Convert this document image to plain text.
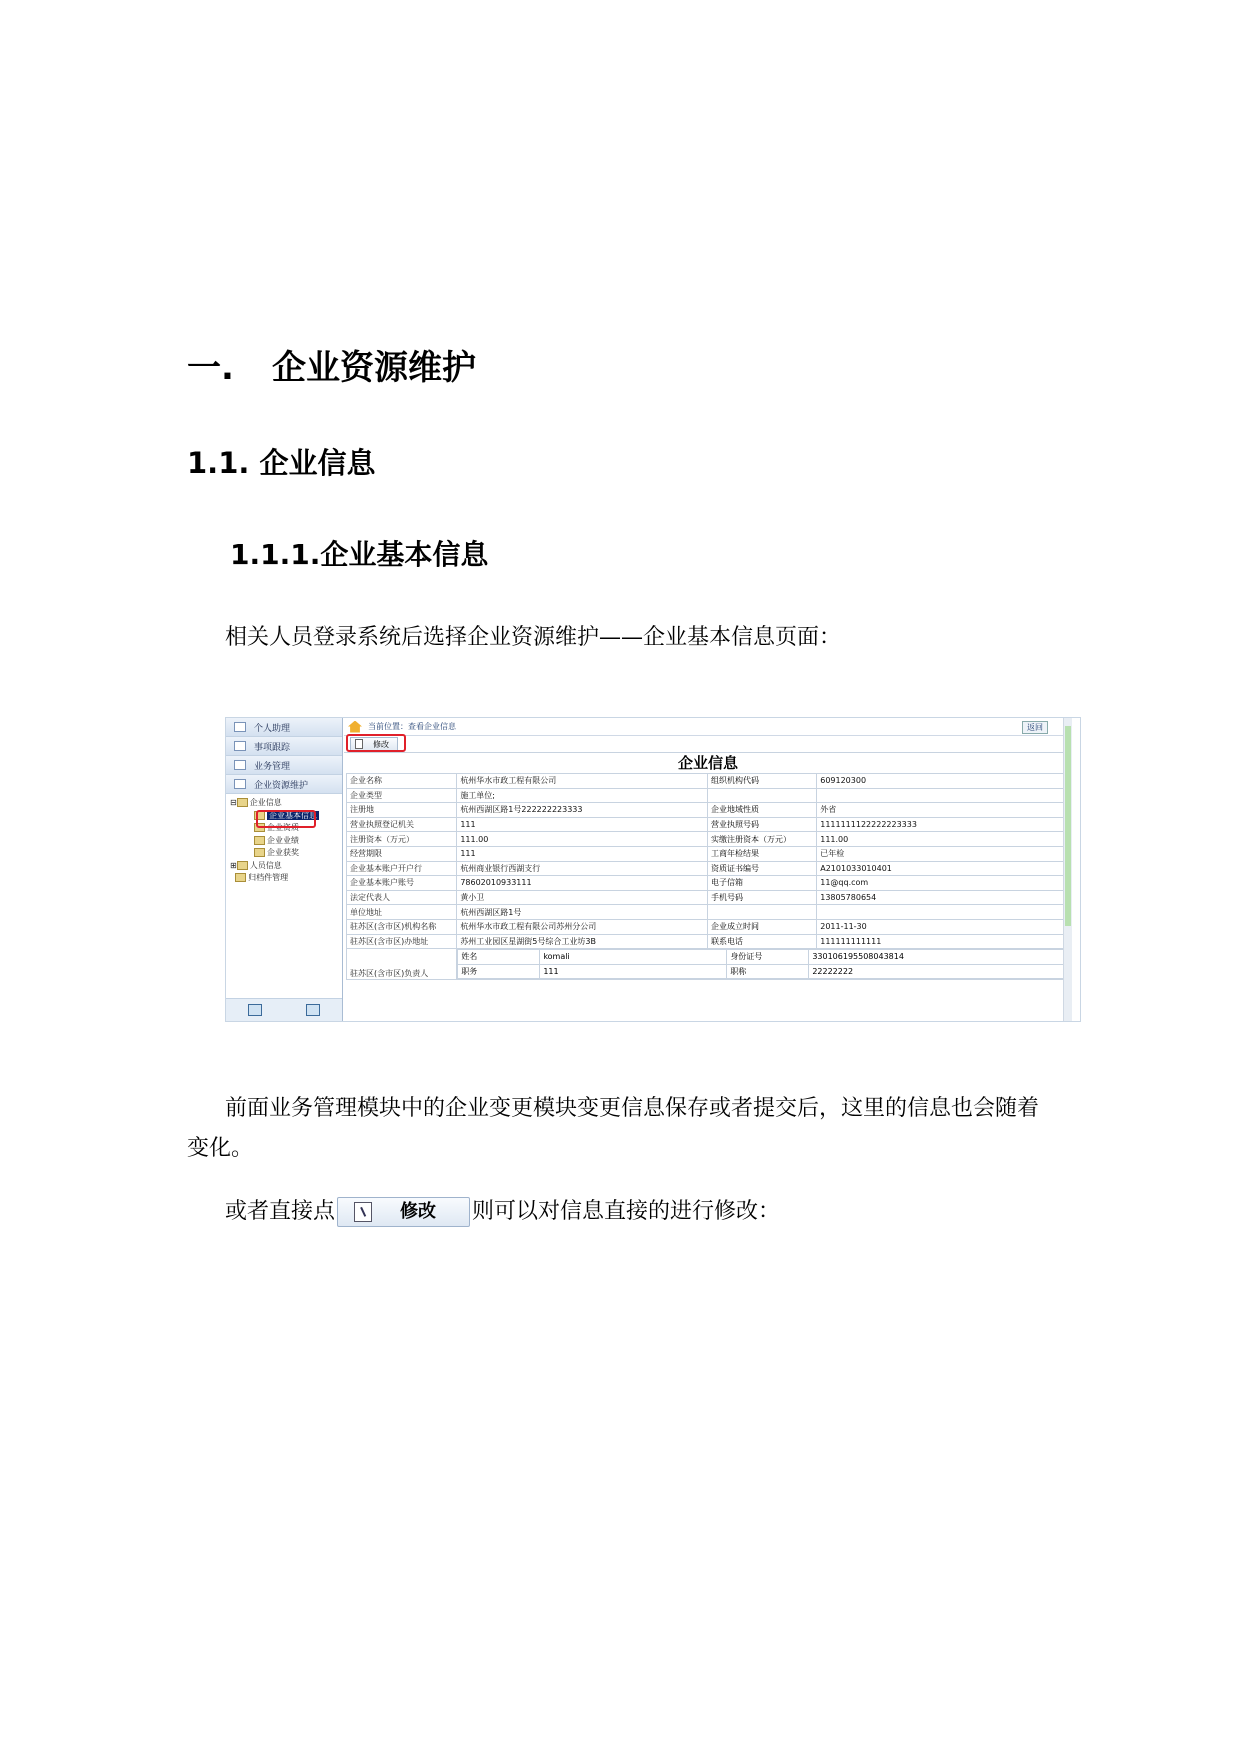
一. 企业资源维护
1.1. 企业信息
1.1.1.企业基本信息
相关人员登录系统后选择企业资源维护——企业基本信息页面：
个人助理
事项跟踪
业务管理
企业资源维护
⊟ 企业信息
企业基本信息
企业资质
企业业绩
企业获奖
⊞ 人员信息
归档件管理
当前位置：查看企业信息	返回
修改
企业信息
企业名称	杭州华水市政工程有限公司	组织机构代码	609120300
企业类型	施工单位;		
注册地	杭州西湖区路1号222222223333	企业地域性质	外省
营业执照登记机关	111	营业执照号码	1111111122222223333
注册资本（万元）	111.00	实缴注册资本（万元）	111.00
经营期限	111	工商年检结果	已年检
企业基本账户开户行	杭州商业银行西湖支行	资质证书编号	A2101033010401
企业基本账户账号	78602010933111	电子信箱	11@qq.com
法定代表人	黄小卫	手机号码	13805780654
单位地址	杭州西湖区路1号		
驻苏区(含市区)机构名称	杭州华水市政工程有限公司苏州分公司	企业成立时间	2011-11-30
驻苏区(含市区)办地址	苏州工业园区星湖街5号综合工业坊3B	联系电话	111111111111
驻苏区(含市区)负责人	
姓名	komali	身份证号	330106195508043814
职务	111	职称	22222222
前面业务管理模块中的企业变更模块变更信息保存或者提交后，这里的信息也会随着变化。
或者直接点	修改 则可以对信息直接的进行修改：
